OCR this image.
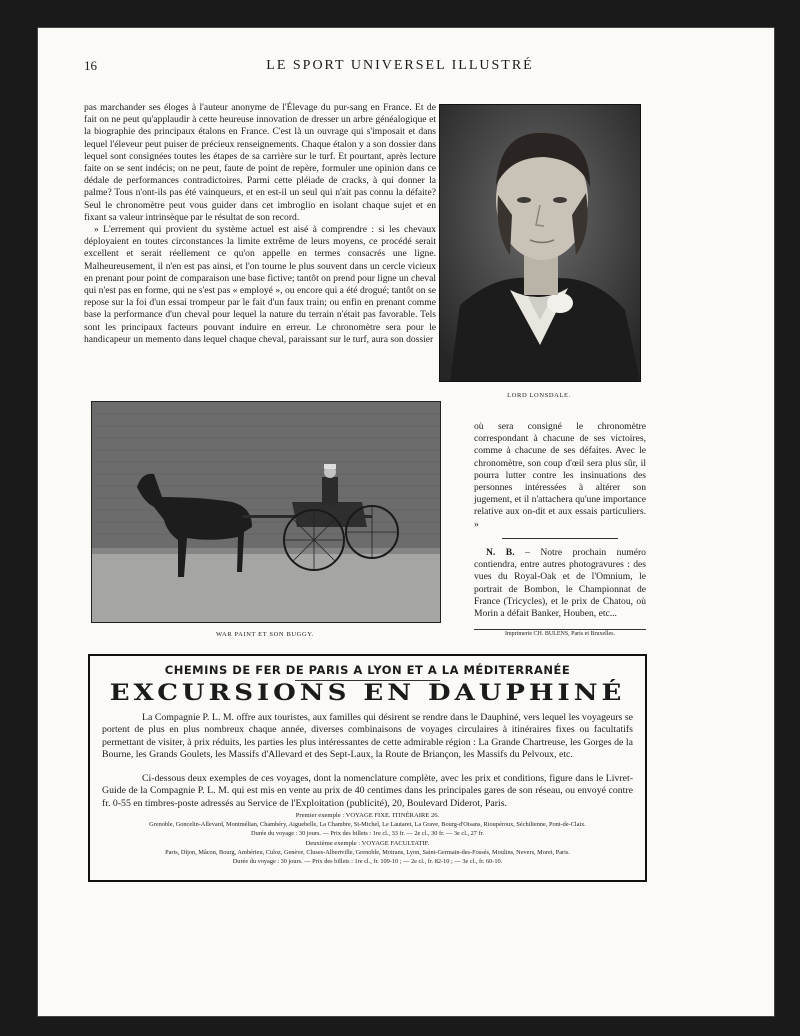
16	LE SPORT UNIVERSEL ILLUSTRÉ

pas marchander ses éloges à l'auteur anonyme de l'Élevage du pur-sang en France. Et de fait on ne peut qu'applaudir à cette heureuse innovation de dresser un arbre généalogique et la biographie des principaux étalons en France. C'est là un ouvrage qui s'imposait et dans lequel l'éleveur peut puiser de précieux renseignements. Chaque étalon y a son dossier dans lequel sont consignées toutes les étapes de sa carrière sur le turf. Et pourtant, après lecture faite on se sent indécis; on ne peut, faute de point de repère, formuler une opinion dans ce dédale de performances contradictoires. Parmi cette pléiade de cracks, à qui donner la palme? Tous n'ont-ils pas été vainqueurs, et en est-il un seul qui n'ait pas connu la défaite? Seul le chronomètre peut vous guider dans cet imbroglio en isolant chaque sujet et en fixant sa valeur intrinsèque par le résultat de son record.

» L'errement qui provient du système actuel est aisé à comprendre : si les chevaux déployaient en toutes circonstances la limite extrême de leurs moyens, ce procédé serait excellent et serait réellement ce qu'on appelle en termes consacrés une ligne. Malheureusement, il n'en est pas ainsi, et l'on tourne le plus souvent dans un cercle vicieux en prenant pour point de comparaison une base fictive; tantôt on prend pour ligne un cheval qui n'est pas en forme, qui ne s'est pas « employé », ou encore qui a été drogué; tantôt on se repose sur la foi d'un essai trompeur par le fait d'un faux train; ou enfin en prenant comme base la performance d'un cheval pour lequel la nature du terrain n'était pas favorable. Tels sont les principaux facteurs pouvant induire en erreur. Le chronomètre sera pour le handicapeur un memento dans lequel chaque cheval, paraissant sur le turf, aura son dossier

LORD LONSDALE.
WAR PAINT ET SON BUGGY.

où sera consigné le chronomètre correspondant à chacune de ses victoires, comme à chacune de ses défaites. Avec le chronomètre, son coup d'œil sera plus sûr, il pourra lutter contre les insinuations des personnes intéressées à altérer son jugement, et il n'attachera qu'une importance relative aux on-dit et aux essais particuliers. »

N. B. – Notre prochain numéro contiendra, entre autres photogravures : des vues du Royal-Oak et de l'Omnium, le portrait de Bombon, le Championnat de France (Tricycles), et le prix de Chatou, où Morin a défait Banker, Houben, etc...

Imprimerie CH. BULENS, Paris et Bruxelles.
CHEMINS DE FER DE PARIS A LYON ET A LA MÉDITERRANÉE
EXCURSIONS EN DAUPHINÉ
La Compagnie P. L. M. offre aux touristes, aux familles qui désirent se rendre dans le Dauphiné, vers lequel les voyageurs se portent de plus en plus nombreux chaque année, diverses combinaisons de voyages circulaires à itinéraires fixes ou facultatifs permettant de visiter, à prix réduits, les parties les plus intéressantes de cette admirable région : La Grande Chartreuse, les Gorges de la Bourne, les Grands Goulets, les Massifs d'Allevard et des Sept-Laux, la Route de Briançon, les Massifs du Pelvoux, etc.
Ci-dessous deux exemples de ces voyages, dont la nomenclature complète, avec les prix et conditions, figure dans le Livret-Guide de la Compagnie P. L. M. qui est mis en vente au prix de 40 centimes dans les principales gares de son réseau, ou envoyé contre fr. 0-55 en timbres-poste adressés au Service de l'Exploitation (publicité), 20, Boulevard Diderot, Paris.
Premier exemple : VOYAGE FIXE. ITINÉRAIRE 26.
Grenoble, Goncelin-Allevard, Montmélian, Chambéry, Aiguebelle, La Chambre, St-Michel, Le Lautaret, La Grave, Bourg-d'Oisans, Rioupéroux, Séchilienne, Pont-de-Claix.
Durée du voyage : 30 jours. — Prix des billets : 1re cl., 33 fr. — 2e cl., 30 fr. — 3e cl., 27 fr.
Deuxième exemple : VOYAGE FACULTATIF.
Paris, Dijon, Mâcon, Bourg, Ambérieu, Culoz, Genève, Cluses-Albertville, Grenoble, Moirans, Lyon, Saint-Germain-des-Fossés, Moulins, Nevers, Moret, Paris.
Durée du voyage : 30 jours. — Prix des billets : 1re cl., fr. 109-10 ; — 2e cl., fr. 82-10 ; — 3e cl., fr. 60-10.
